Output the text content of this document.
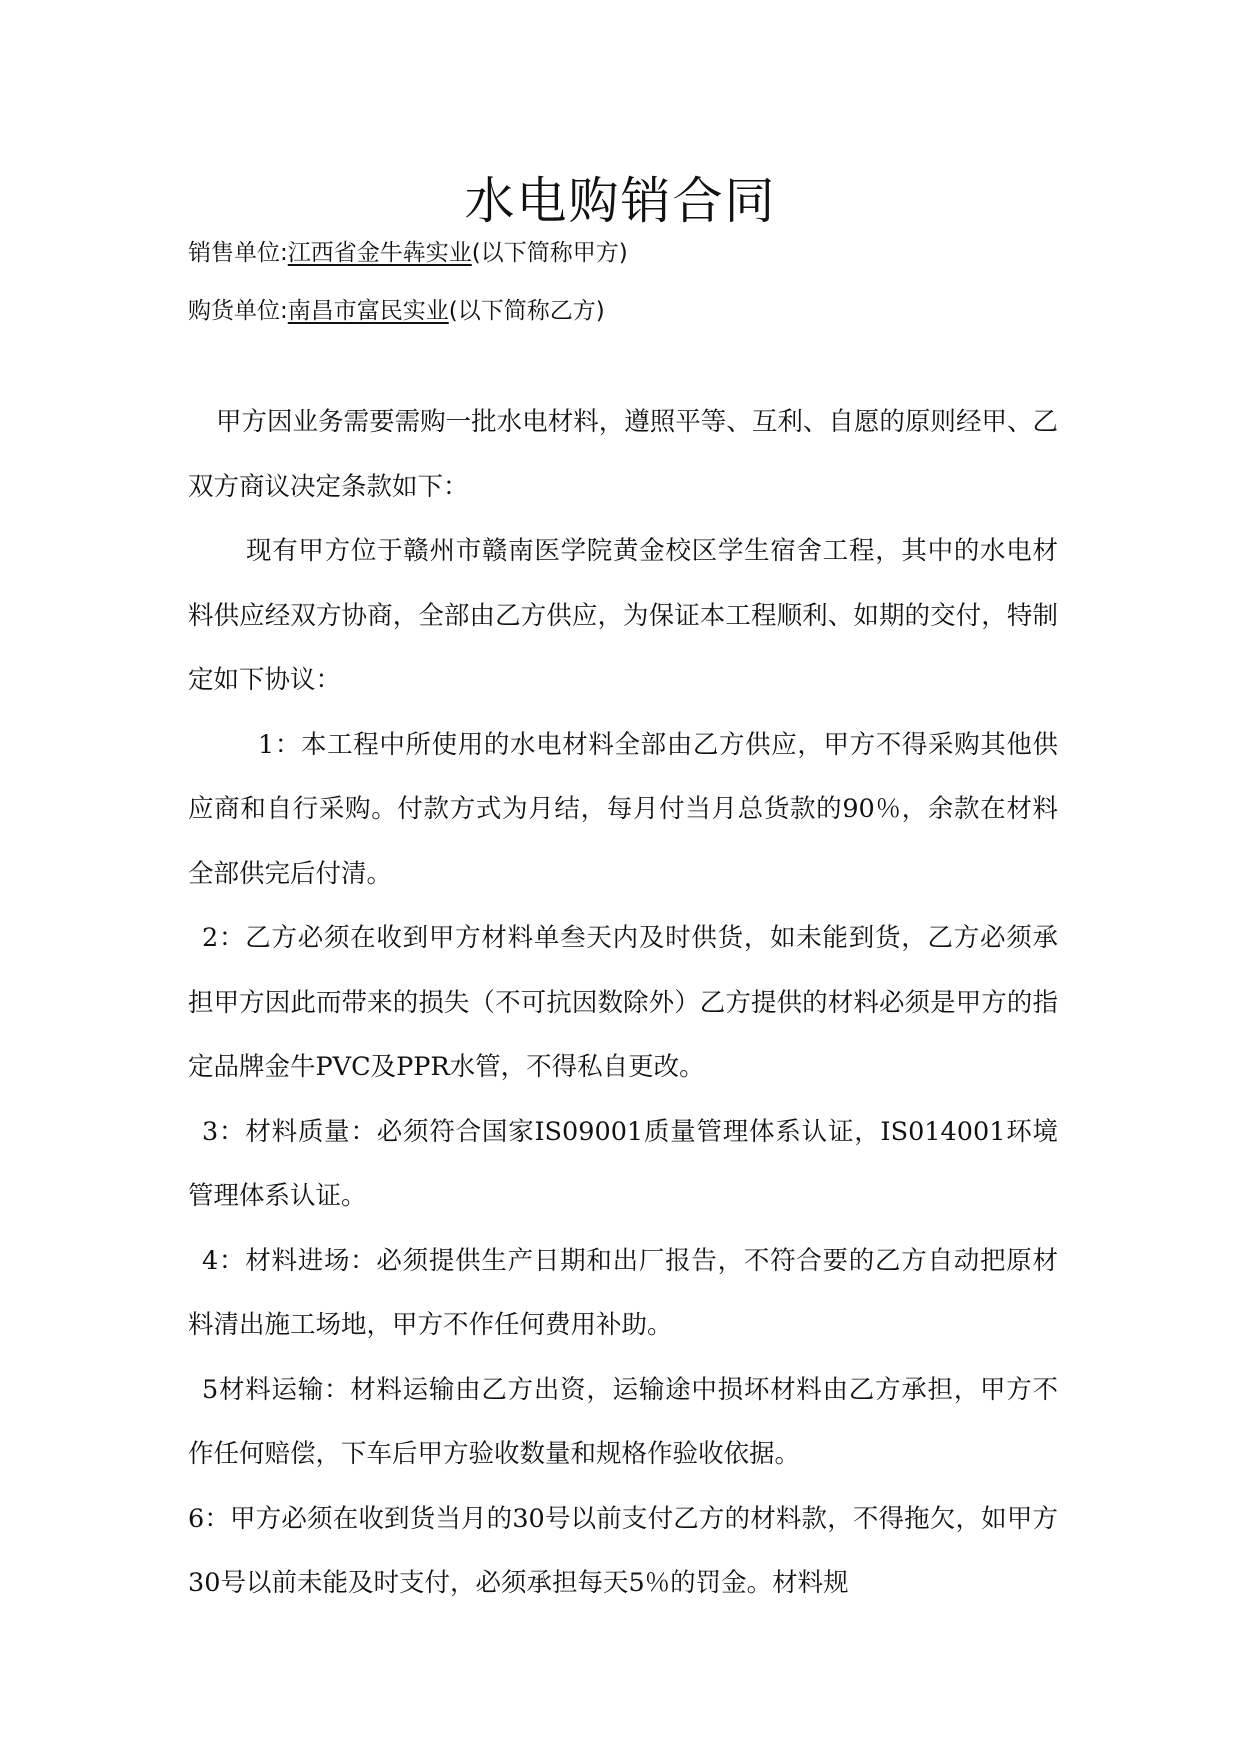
水电购销合同
销售单位:江西省金牛犇实业(以下简称甲方)
购货单位:南昌市富民实业(以下简称乙方)

甲方因业务需要需购一批水电材料，遵照平等、互利、自愿的原则经甲、乙双方商议决定条款如下：

现有甲方位于赣州市赣南医学院黄金校区学生宿舍工程，其中的水电材料供应经双方协商，全部由乙方供应，为保证本工程顺利、如期的交付，特制定如下协议：

1：本工程中所使用的水电材料全部由乙方供应，甲方不得采购其他供应商和自行采购。付款方式为月结，每月付当月总货款的90％，余款在材料全部供完后付清。

2：乙方必须在收到甲方材料单叁天内及时供货，如未能到货，乙方必须承担甲方因此而带来的损失（不可抗因数除外）乙方提供的材料必须是甲方的指定品牌金牛PVC及PPR水管，不得私自更改。

3：材料质量：必须符合国家IS09001质量管理体系认证，IS014001环境管理体系认证。

4：材料进场：必须提供生产日期和出厂报告，不符合要的乙方自动把原材料清出施工场地，甲方不作任何费用补助。

5材料运输：材料运输由乙方出资，运输途中损坏材料由乙方承担，甲方不作任何赔偿，下车后甲方验收数量和规格作验收依据。

6：甲方必须在收到货当月的30号以前支付乙方的材料款，不得拖欠，如甲方30号以前未能及时支付，必须承担每天5％的罚金。材料规
